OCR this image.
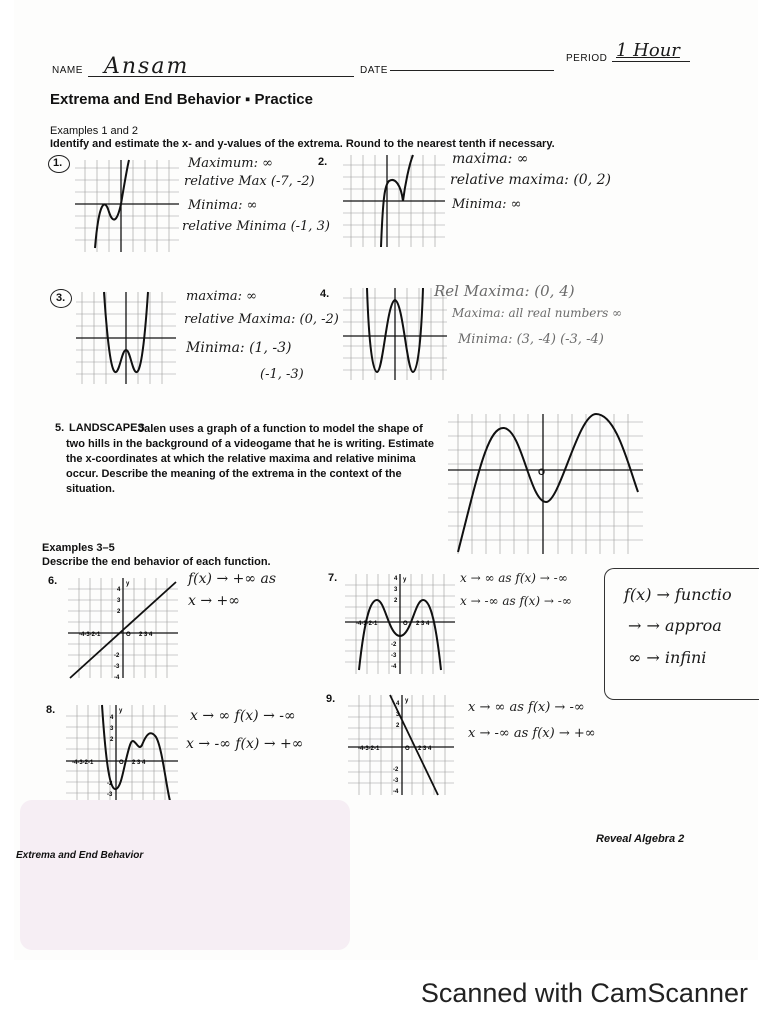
NAME Ansam	DATE
PERIOD 1 Hour
Extrema and End Behavior ▪ Practice
Examples 1 and 2
Identify and estimate the x- and y-values of the extrema. Round to the nearest tenth if necessary.
1.	Maximum: ∞
relative Max (-7, -2)
Minima: ∞
relative Minima (-1, 3)
2.	maxima: ∞
relative maxima: (0, 2)
Minima: ∞
3.	maxima: ∞
relative Maxima: (0, -2)
Minima: (1, -3)
(-1, -3)
4.	Rel Maxima: (0, 4)
Maxima: all real numbers ∞
Minima: (3, -4) (-3, -4)
5. LANDSCAPES
Jalen uses a graph of a function to model the shape of two hills in the background of a videogame that he is writing. Estimate the x-coordinates at which the relative maxima and relative minima occur. Describe the meaning of the extrema in the context of the situation.
O
Examples 3–5
Describe the end behavior of each function.
6.
-4-3-2-1	O 2 3 4
2
3
4
-2
-3
-4
y	f(x) → +∞ as
x → +∞
7.
-4-3-2-1	O 2 3 4
2
3
4
-2
-3
-4
y	x → ∞ as f(x) → -∞
x → -∞ as f(x) → -∞	f(x) → functio
→ → approa
∞ → infini
8.
-4-3-2-1	O 2 3 4
2
3
4
-2
-3
y	x → ∞ f(x) → -∞
x → -∞ f(x) → +∞
9.
-4-3-2-1	O 2 3 4
2
3
4
-2
-3
-4
y	x → ∞ as f(x) → -∞
x → -∞ as f(x) → +∞
Extrema and End Behavior
Reveal Algebra 2
Scanned with CamScanner
